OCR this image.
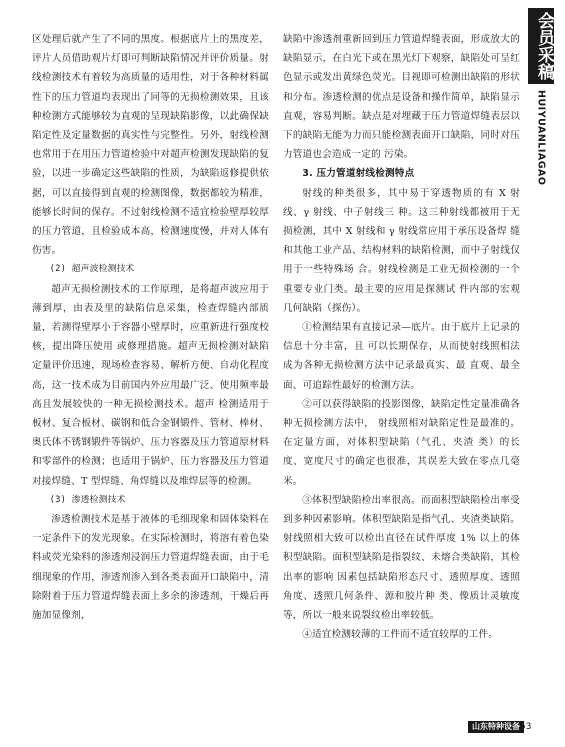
区处理后就产生了不同的黑度。根据底片上的黑度差，评片人员借助观片灯即可判断缺陷情况并评价质量。射线检测技术有着较为高质量的适用性，对于各种材料属性下的压力管道均表现出了同等的无损检测效果，且该种检测方式能够较为直观的呈现缺陷影像，以此确保缺陷定性及定量数据的真实性与完整性。另外，射线检测也常用于在用压力管道检验中对超声检测发现缺陷的复验，以进一步确定这些缺陷的性质，为缺陷返修提供依据，可以直接得到直观的检测图像，数据都较为精准，能够长时间的保存。不过射线检测不适宜检验壁厚较厚的压力管道，且检验成本高，检测速度慢，并对人体有伤害。

(2) 超声波检测技术

超声无损检测技术的工作原理，是将超声波应用于薄到厚，由表及里的缺陷信息采集，检查焊缝内部质量，若测得壁厚小于容器小壁厚时，应重新进行强度校核，提出降压使用 或修理措施。超声无损检测对缺陷定量评价迅速，现场检查容易、解析方便、自动化程度高，这一技术成为目前国内外应用最广泛、使用频率最高且发展较快的一种无损检测技术。超声 检测适用于板材、复合板材、碳钢和低合金钢锻件、管材、棒材、奥氏体不锈钢锻件等锅炉、压力容器及压力管道原材料和零部件的检测；也适用于锅炉、压力容器及压力管道对接焊缝、T 型焊缝、角焊缝以及堆焊层等的检测。

(3) 渗透检测技术

渗透检测技术是基于液体的毛细现象和固体染料在一定条件下的发光现象。在实际检测时，将溶有着色染料或荧光染料的渗透剂浸润压力管道焊缝表面，由于毛细现象的作用，渗透剂渗入到各类表面开口缺陷中，清除附着于压力管道焊缝表面上多余的渗透剂，干燥后再施加显像剂，

缺陷中渗透剂重新回到压力管道焊缝表面，形成放大的缺陷显示，在白光下或在黑光灯下观察，缺陷处可呈红色显示或发出黄绿色荧光。目视即可检测出缺陷的形状和分布。渗透检测的优点是设备和操作简单，缺陷显示直观，容易判断。缺点是对埋藏于压力管道焊缝表层以下的缺陷无能为力而只能检测表面开口缺陷，同时对压力管道也会造成一定的 污染。

3. 压力管道射线检测特点

射线的种类很多，其中易于穿透物质的有 X 射线、γ 射线、中子射线三 种。这三种射线都被用于无损检测，其中 X 射线和 γ 射线常应用于承压设备焊 缝和其他工业产品、结构材料的缺陷检测，而中子射线仅用于一些特殊场 合。射线检测是工业无损检测的一个重要专业门类。最主要的应用是探测试 件内部的宏观几何缺陷（探伤）。

①检测结果有直接记录—底片。由于底片上记录的信息十分丰富，且 可以长期保存，从而使射线照相法成为各种无损检测方法中记录最真实、最 直观、最全面、可追踪性最好的检测方法。

②可以获得缺陷的投影图像，缺陷定性定量准确各种无损检测方法中， 射线照相对缺陷定性是最准的。在定量方面，对体积型缺陷（气孔、夹渣 类）的长度、宽度尺寸的确定也很准，其误差大致在零点几毫米。

③体积型缺陷检出率很高。而面积型缺陷检出率受到多种因素影响。体积型缺陷是指气孔、夹渣类缺陷。射线照相大致可以检出直径在试件厚度 1% 以上的体积型缺陷。面积型缺陷是指裂纹、未熔合类缺陷，其检出率的影响 因素包括缺陷形态尺寸、透照厚度、透照角度、透照几何条件、源和胶片种 类、像质计灵敏度等，所以一般来说裂纹检出率较低。

④适宜检测较薄的工件而不适宜较厚的工件。

会员采稿
HUIYUANLIAGAO
山东特种设备 53
